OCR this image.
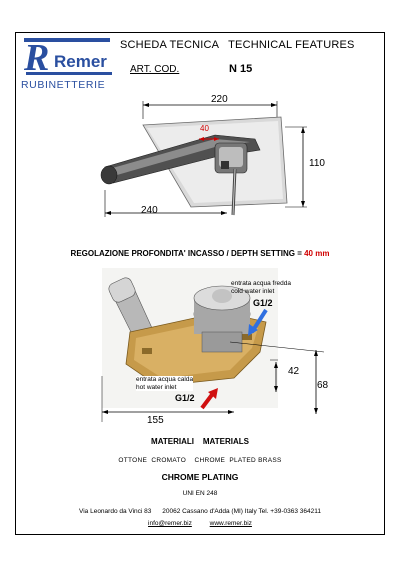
R Remer
RUBINETTERIE
SCHEDA TECNICA   TECHNICAL FEATURES
ART. COD.	N 15
220
110
240
40
REGOLAZIONE PROFONDITA' INCASSO / DEPTH SETTING = 40 mm
entrata acqua fredda
cold water inlet
G1/2
entrata acqua calda
hot water inlet
G1/2
155
68
42
MATERIALI    MATERIALS
OTTONE  CROMATO    CHROME  PLATED BRASS
CHROME PLATING
UNI EN 248
Via Leonardo da Vinci 83      20062 Cassano d'Adda (MI) Italy Tel. +39-0363 364211
info@remer.biz	www.remer.biz
